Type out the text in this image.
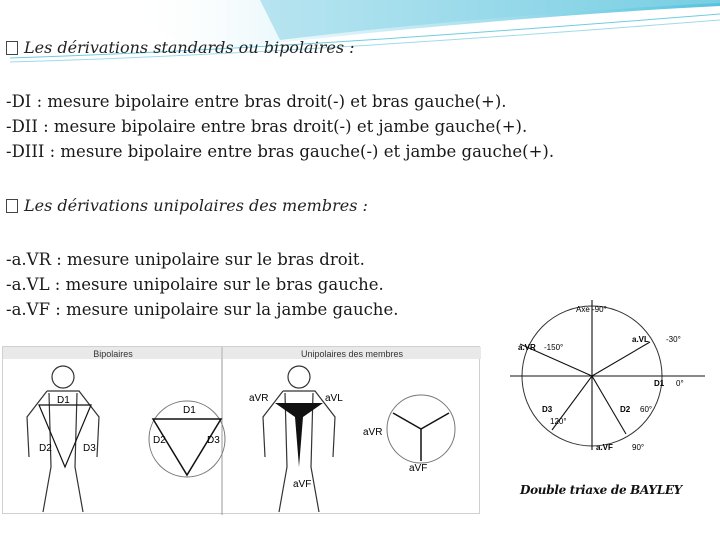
Les dérivations standards ou bipolaires :
-DI : mesure bipolaire entre bras droit(-) et bras gauche(+).
-DII : mesure bipolaire entre bras droit(-) et jambe gauche(+).
-DIII : mesure bipolaire entre bras gauche(-) et jambe gauche(+).
Les dérivations unipolaires des membres :
-a.VR : mesure unipolaire sur le bras droit.
-a.VL : mesure unipolaire sur le bras gauche.
-a.VF : mesure unipolaire sur la jambe gauche.
Bipolaires	Unipolaires des membres
D1
D2	D3
D1
D2	D3
aVR	aVL
aVF
aVR
aVF
Axe -90°
a.VR -150°
a.VL -30°
D1 0°
D3
120°
D2 60°
a.VF 90°
Double triaxe de BAYLEY
